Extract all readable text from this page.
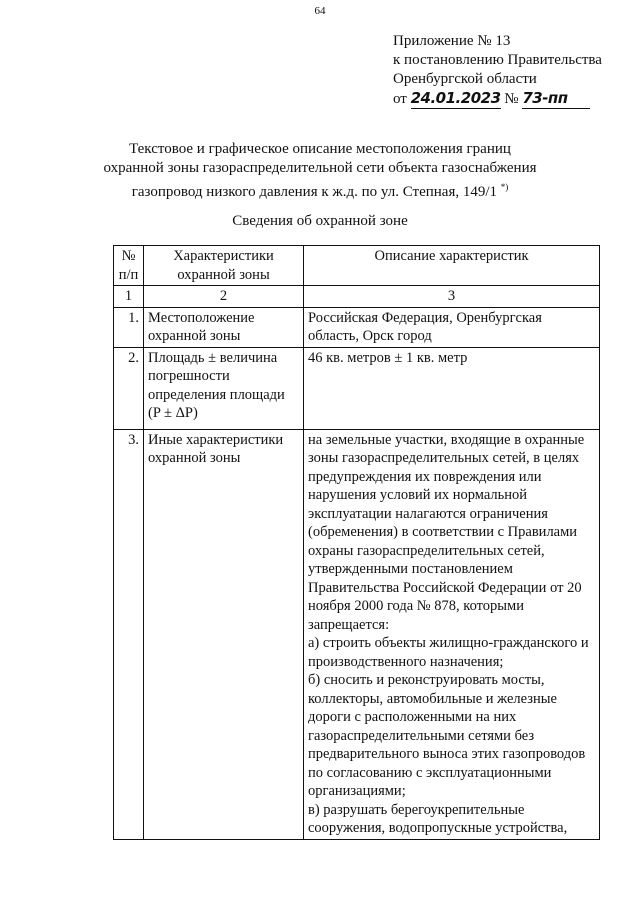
64
Приложение № 13
к постановлению Правительства
Оренбургской области
от 24.01.2023 № 73-пп
Текстовое и графическое описание местоположения границ
охранной зоны газораспределительной сети объекта газоснабжения
газопровод низкого давления к ж.д. по ул. Степная, 149/1 *)
Сведения об охранной зоне
№ п/п	Характеристики охранной зоны	Описание характеристик
1	2	3
1.	Местоположение охранной зоны	Российская Федерация, Оренбургская область, Орск город
2.	Площадь ± величина погрешности определения площади (P ± ΔP)	46 кв. метров ± 1 кв. метр
3.	Иные характеристики охранной зоны	на земельные участки, входящие в охранные зоны газораспределительных сетей, в целях предупреждения их повреждения или нарушения условий их нормальной эксплуатации налагаются ограничения (обременения) в соответствии с Правилами охраны газораспределительных сетей, утвержденными постановлением Правительства Российской Федерации от 20 ноября 2000 года № 878, которыми запрещается:
а) строить объекты жилищно-гражданского и производственного назначения;
б) сносить и реконструировать мосты, коллекторы, автомобильные и железные дороги с расположенными на них газораспределительными сетями без предварительного выноса этих газопроводов по согласованию с эксплуатационными организациями;
в) разрушать берегоукрепительные сооружения, водопропускные устройства,
